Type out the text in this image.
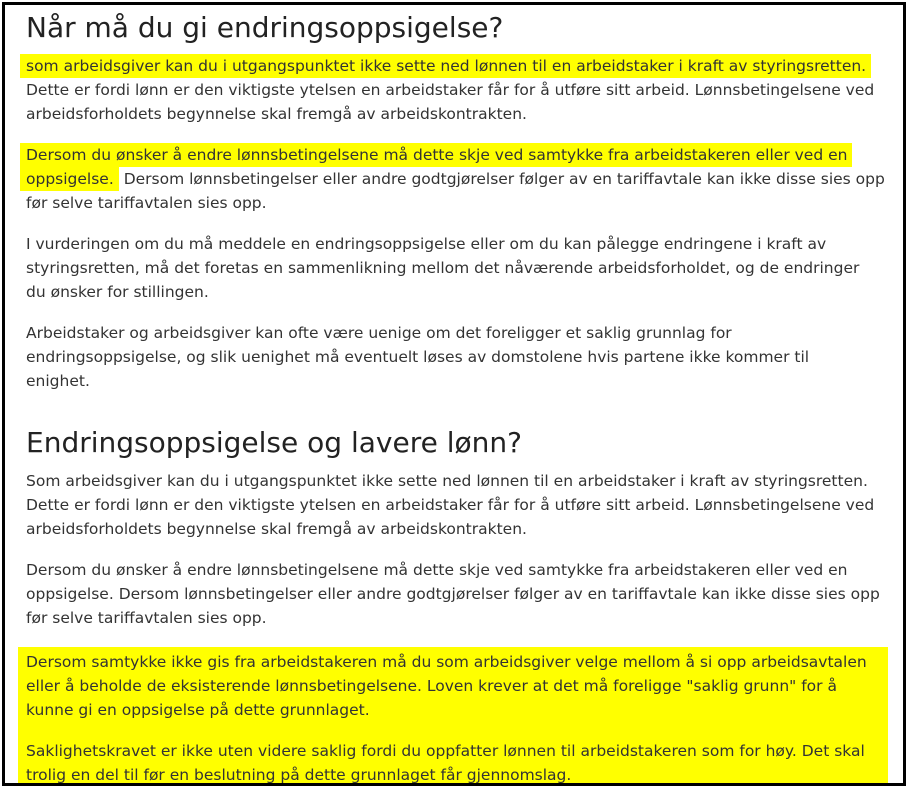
Når må du gi endringsoppsigelse?

som arbeidsgiver kan du i utgangspunktet ikke sette ned lønnen til en arbeidstaker i kraft av styringsretten.
Dette er fordi lønn er den viktigste ytelsen en arbeidstaker får for å utføre sitt arbeid. Lønnsbetingelsene ved
arbeidsforholdets begynnelse skal fremgå av arbeidskontrakten.

Dersom du ønsker å endre lønnsbetingelsene må dette skje ved samtykke fra arbeidstakeren eller ved en
oppsigelse. Dersom lønnsbetingelser eller andre godtgjørelser følger av en tariffavtale kan ikke disse sies opp
før selve tariffavtalen sies opp.

I vurderingen om du må meddele en endringsoppsigelse eller om du kan pålegge endringene i kraft av
styringsretten, må det foretas en sammenlikning mellom det nåværende arbeidsforholdet, og de endringer
du ønsker for stillingen.

Arbeidstaker og arbeidsgiver kan ofte være uenige om det foreligger et saklig grunnlag for
endringsoppsigelse, og slik uenighet må eventuelt løses av domstolene hvis partene ikke kommer til
enighet.

Endringsoppsigelse og lavere lønn?

Som arbeidsgiver kan du i utgangspunktet ikke sette ned lønnen til en arbeidstaker i kraft av styringsretten.
Dette er fordi lønn er den viktigste ytelsen en arbeidstaker får for å utføre sitt arbeid. Lønnsbetingelsene ved
arbeidsforholdets begynnelse skal fremgå av arbeidskontrakten.

Dersom du ønsker å endre lønnsbetingelsene må dette skje ved samtykke fra arbeidstakeren eller ved en
oppsigelse. Dersom lønnsbetingelser eller andre godtgjørelser følger av en tariffavtale kan ikke disse sies opp
før selve tariffavtalen sies opp.

Dersom samtykke ikke gis fra arbeidstakeren må du som arbeidsgiver velge mellom å si opp arbeidsavtalen
eller å beholde de eksisterende lønnsbetingelsene. Loven krever at det må foreligge "saklig grunn" for å
kunne gi en oppsigelse på dette grunnlaget.

Saklighetskravet er ikke uten videre saklig fordi du oppfatter lønnen til arbeidstakeren som for høy. Det skal
trolig en del til før en beslutning på dette grunnlaget får gjennomslag.
